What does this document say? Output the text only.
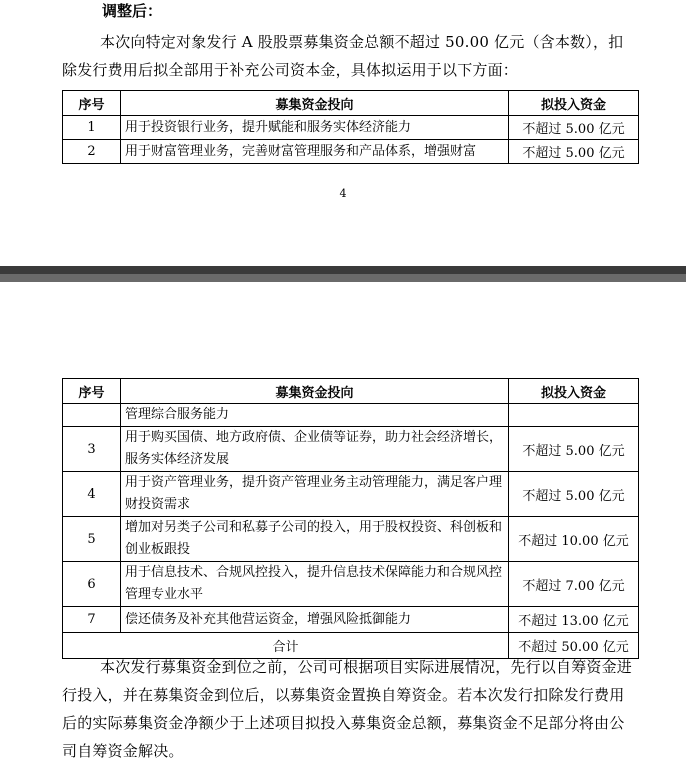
调整后：
本次向特定对象发行 A 股股票募集资金总额不超过 50.00 亿元（含本数），扣除发行费用后拟全部用于补充公司资本金，具体拟运用于以下方面：
序号	募集资金投向	拟投入资金
1	用于投资银行业务，提升赋能和服务实体经济能力	不超过 5.00 亿元
2	用于财富管理业务，完善财富管理服务和产品体系，增强财富	不超过 5.00 亿元
4
序号	募集资金投向	拟投入资金
	管理综合服务能力	
3	用于购买国债、地方政府债、企业债等证券，助力社会经济增长，服务实体经济发展	不超过 5.00 亿元
4	用于资产管理业务，提升资产管理业务主动管理能力，满足客户理财投资需求	不超过 5.00 亿元
5	增加对另类子公司和私募子公司的投入，用于股权投资、科创板和创业板跟投	不超过 10.00 亿元
6	用于信息技术、合规风控投入，提升信息技术保障能力和合规风控管理专业水平	不超过 7.00 亿元
7	偿还债务及补充其他营运资金，增强风险抵御能力	不超过 13.00 亿元
合计		不超过 50.00 亿元
本次发行募集资金到位之前，公司可根据项目实际进展情况，先行以自筹资金进行投入，并在募集资金到位后，以募集资金置换自筹资金。若本次发行扣除发行费用后的实际募集资金净额少于上述项目拟投入募集资金总额，募集资金不足部分将由公司自筹资金解决。
